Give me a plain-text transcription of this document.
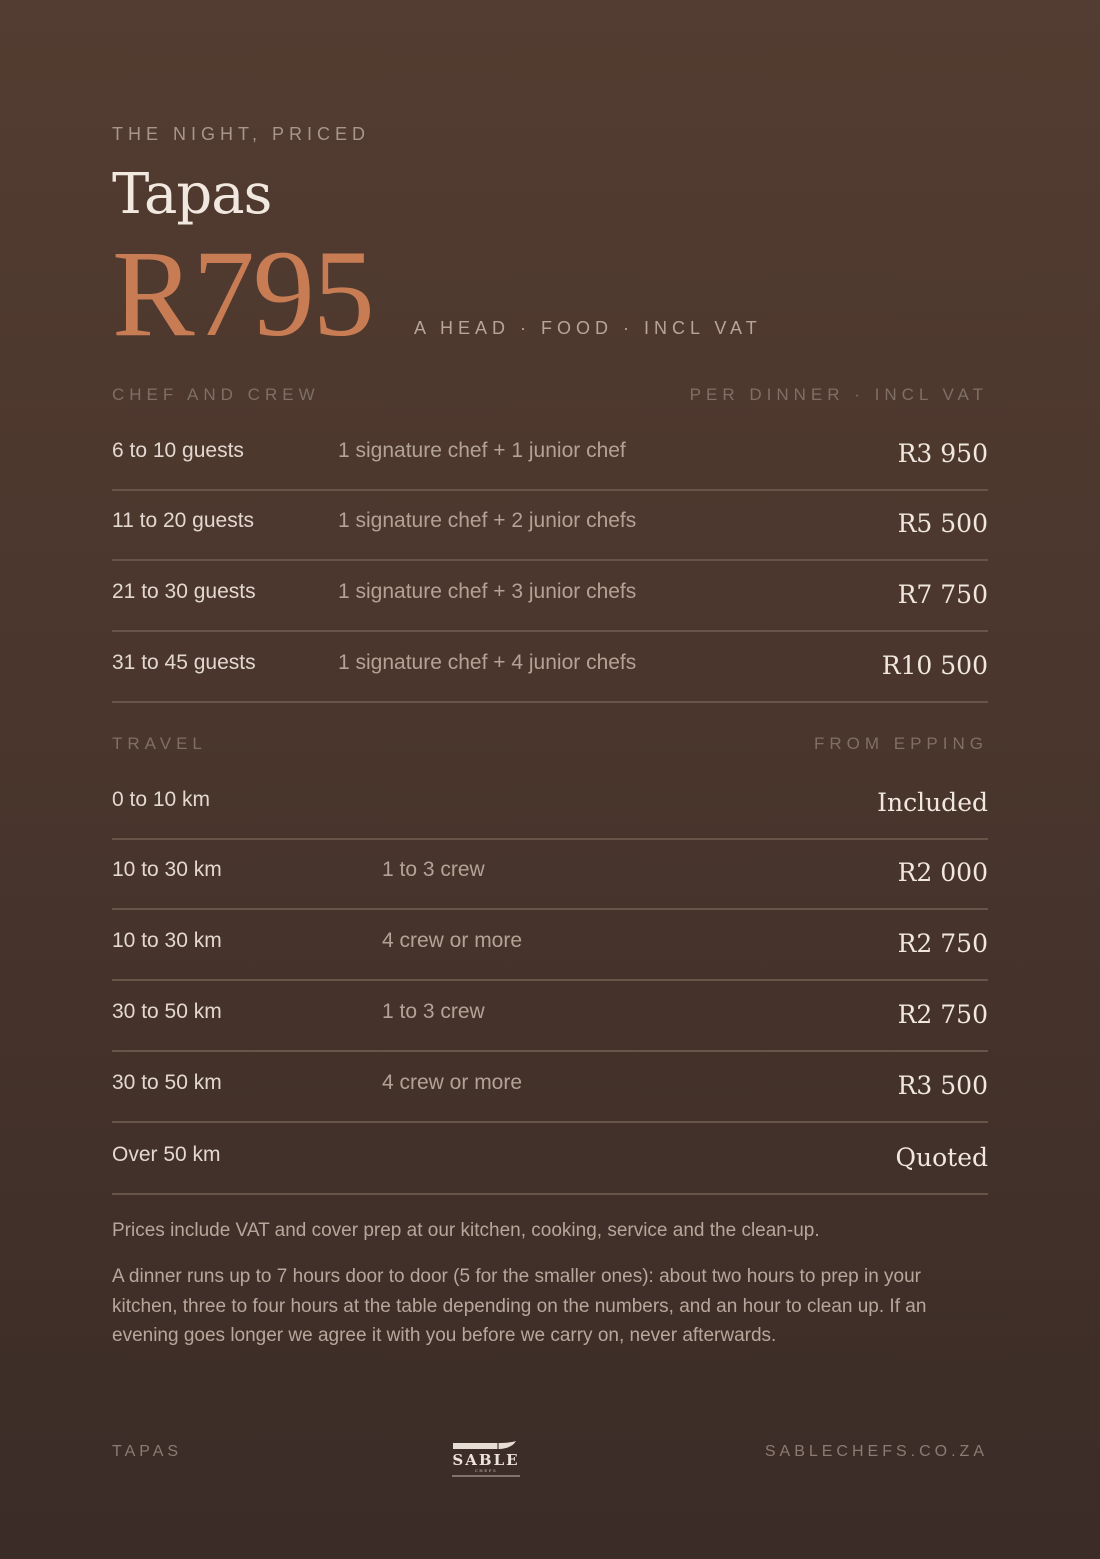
THE NIGHT, PRICED
Tapas
R795 A HEAD · FOOD · INCL VAT
CHEF AND CREW	PER DINNER · INCL VAT
6 to 10 guests	1 signature chef + 1 junior chef	R3 950
11 to 20 guests	1 signature chef + 2 junior chefs	R5 500
21 to 30 guests	1 signature chef + 3 junior chefs	R7 750
31 to 45 guests	1 signature chef + 4 junior chefs	R10 500
TRAVEL	FROM EPPING
0 to 10 km	Included
10 to 30 km	1 to 3 crew	R2 000
10 to 30 km	4 crew or more	R2 750
30 to 50 km	1 to 3 crew	R2 750
30 to 50 km	4 crew or more	R3 500
Over 50 km	Quoted
Prices include VAT and cover prep at our kitchen, cooking, service and the clean-up.
A dinner runs up to 7 hours door to door (5 for the smaller ones): about two hours to prep in your kitchen, three to four hours at the table depending on the numbers, and an hour to clean up. If an evening goes longer we agree it with you before we carry on, never afterwards.
TAPAS	SABLE
CHEFS
SABLECHEFS.CO.ZA
